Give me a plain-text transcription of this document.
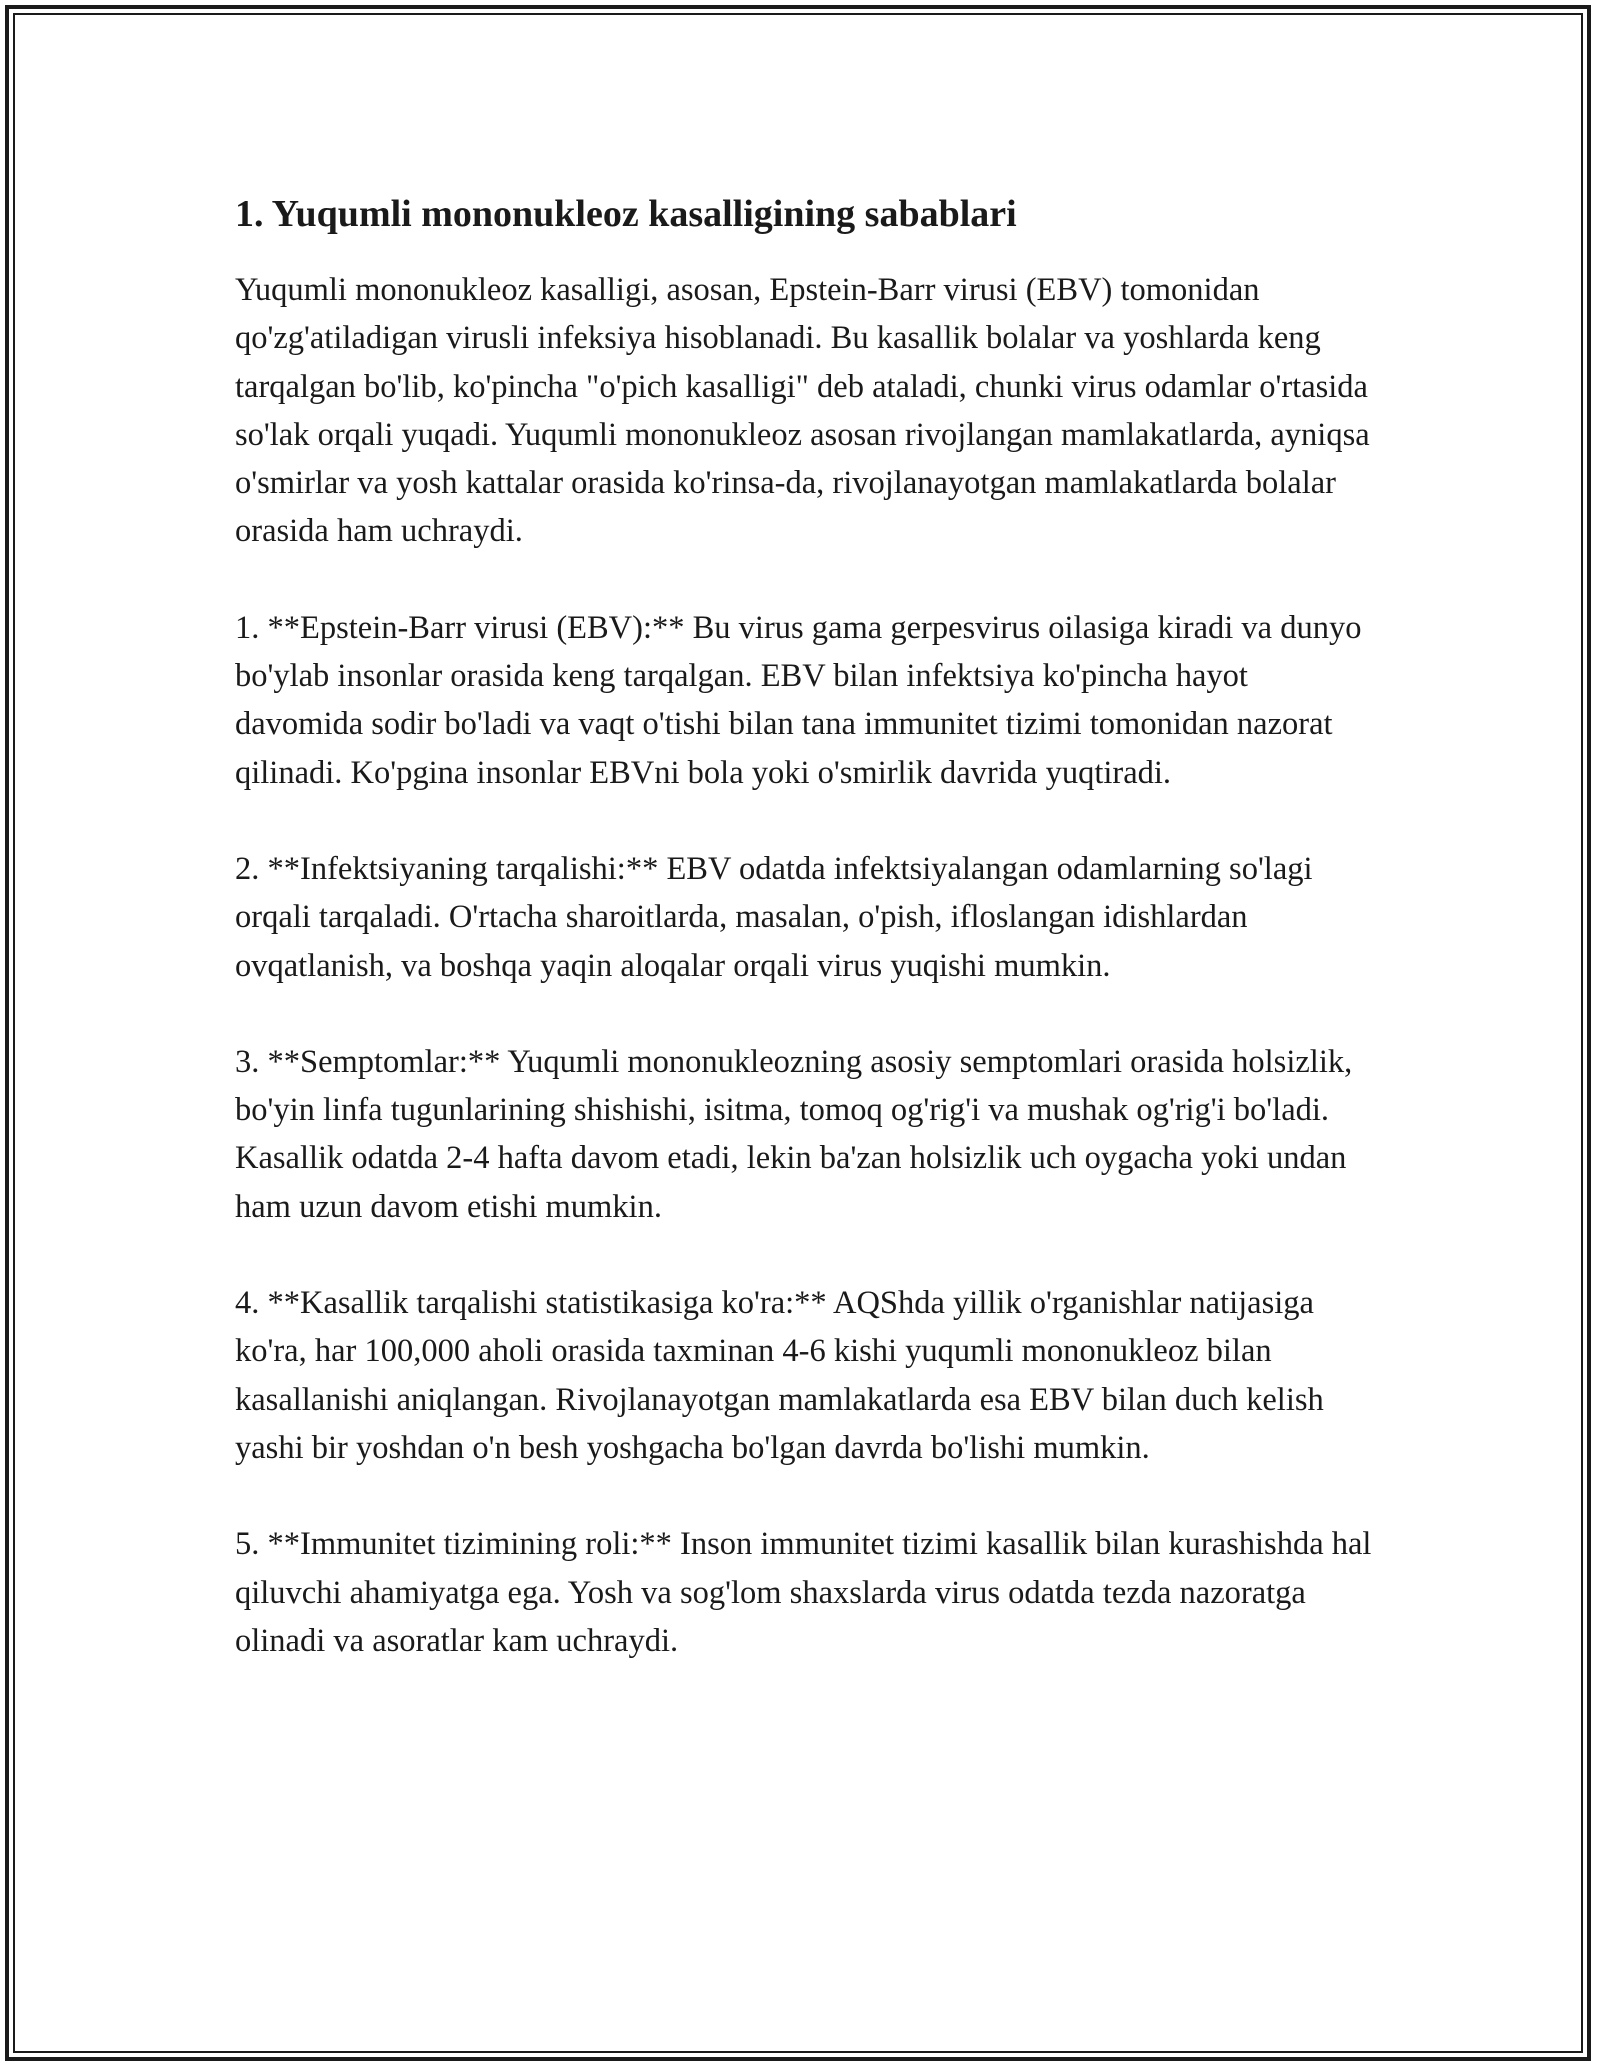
1. Yuqumli mononukleoz kasalligining sabablari

Yuqumli mononukleoz kasalligi, asosan, Epstein-Barr virusi (EBV) tomonidan qo'zg'atiladigan virusli infeksiya hisoblanadi. Bu kasallik bolalar va yoshlarda keng tarqalgan bo'lib, ko'pincha "o'pich kasalligi" deb ataladi, chunki virus odamlar o'rtasida so'lak orqali yuqadi. Yuqumli mononukleoz asosan rivojlangan mamlakatlarda, ayniqsa o'smirlar va yosh kattalar orasida ko'rinsa-da, rivojlanayotgan mamlakatlarda bolalar orasida ham uchraydi.

1. **Epstein-Barr virusi (EBV):** Bu virus gama gerpesvirus oilasiga kiradi va dunyo bo'ylab insonlar orasida keng tarqalgan. EBV bilan infektsiya ko'pincha hayot davomida sodir bo'ladi va vaqt o'tishi bilan tana immunitet tizimi tomonidan nazorat qilinadi. Ko'pgina insonlar EBVni bola yoki o'smirlik davrida yuqtiradi.

2. **Infektsiyaning tarqalishi:** EBV odatda infektsiyalangan odamlarning so'lagi orqali tarqaladi. O'rtacha sharoitlarda, masalan, o'pish, ifloslangan idishlardan ovqatlanish, va boshqa yaqin aloqalar orqali virus yuqishi mumkin.

3. **Semptomlar:** Yuqumli mononukleozning asosiy semptomlari orasida holsizlik, bo'yin linfa tugunlarining shishishi, isitma, tomoq og'rig'i va mushak og'rig'i bo'ladi. Kasallik odatda 2-4 hafta davom etadi, lekin ba'zan holsizlik uch oygacha yoki undan ham uzun davom etishi mumkin.

4. **Kasallik tarqalishi statistikasiga ko'ra:** AQShda yillik o'rganishlar natijasiga ko'ra, har 100,000 aholi orasida taxminan 4-6 kishi yuqumli mononukleoz bilan kasallanishi aniqlangan. Rivojlanayotgan mamlakatlarda esa EBV bilan duch kelish yashi bir yoshdan o'n besh yoshgacha bo'lgan davrda bo'lishi mumkin.

5. **Immunitet tizimining roli:** Inson immunitet tizimi kasallik bilan kurashishda hal qiluvchi ahamiyatga ega. Yosh va sog'lom shaxslarda virus odatda tezda nazoratga olinadi va asoratlar kam uchraydi.
